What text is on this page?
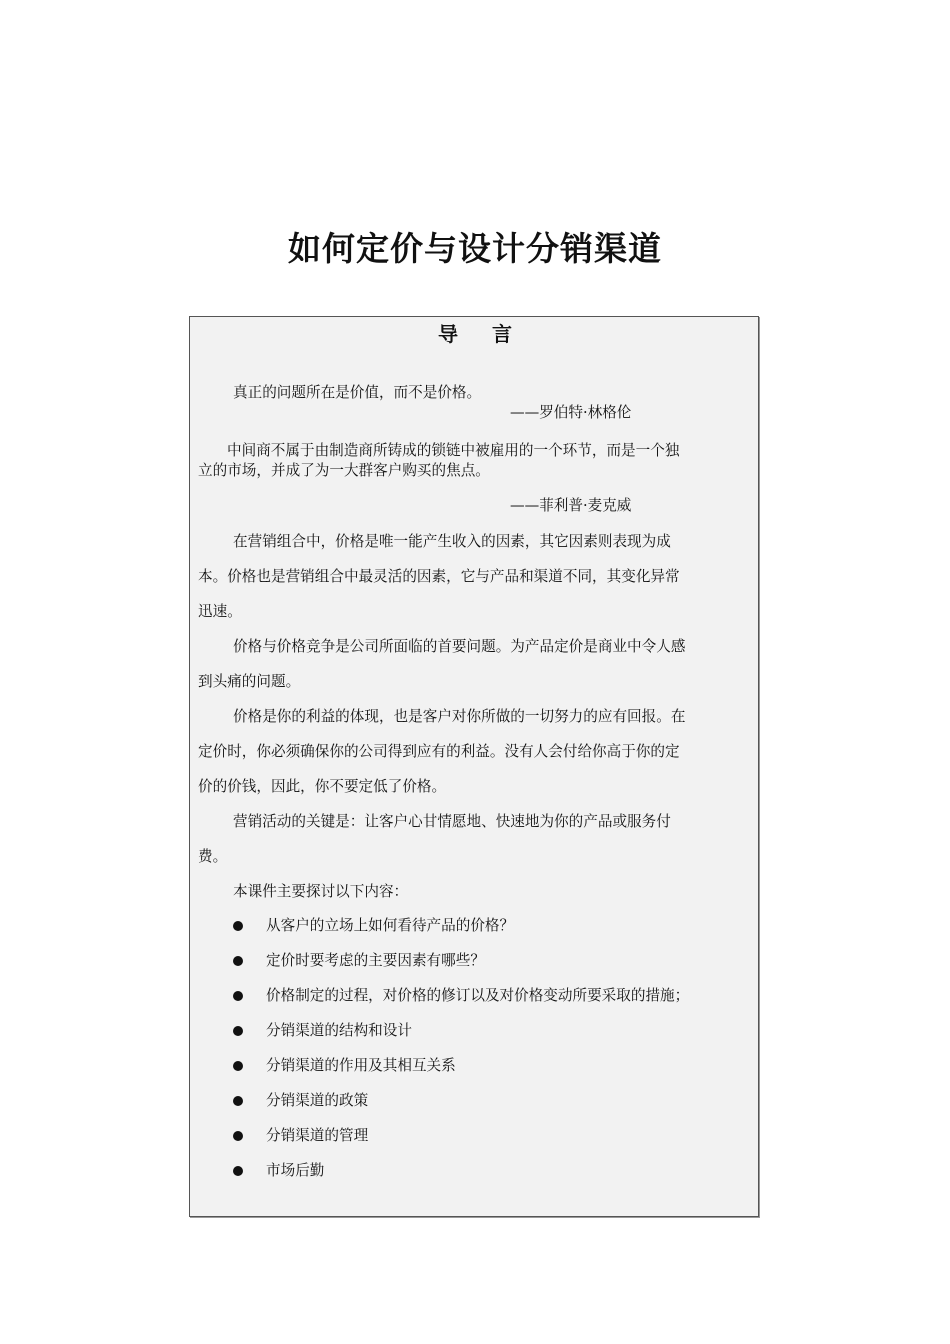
如何定价与设计分销渠道
导 言
真正的问题所在是价值，而不是价格。
——罗伯特·林格伦
中间商不属于由制造商所铸成的锁链中被雇用的一个环节，而是一个独
立的市场，并成了为一大群客户购买的焦点。
——菲利普·麦克威
在营销组合中，价格是唯一能产生收入的因素，其它因素则表现为成
本。价格也是营销组合中最灵活的因素，它与产品和渠道不同，其变化异常
迅速。
价格与价格竞争是公司所面临的首要问题。为产品定价是商业中令人感
到头痛的问题。
价格是你的利益的体现，也是客户对你所做的一切努力的应有回报。在
定价时，你必须确保你的公司得到应有的利益。没有人会付给你高于你的定
价的价钱，因此，你不要定低了价格。
营销活动的关键是：让客户心甘情愿地、快速地为你的产品或服务付
费。
本课件主要探讨以下内容：
从客户的立场上如何看待产品的价格？
定价时要考虑的主要因素有哪些？
价格制定的过程，对价格的修订以及对价格变动所要采取的措施；
分销渠道的结构和设计
分销渠道的作用及其相互关系
分销渠道的政策
分销渠道的管理
市场后勤
